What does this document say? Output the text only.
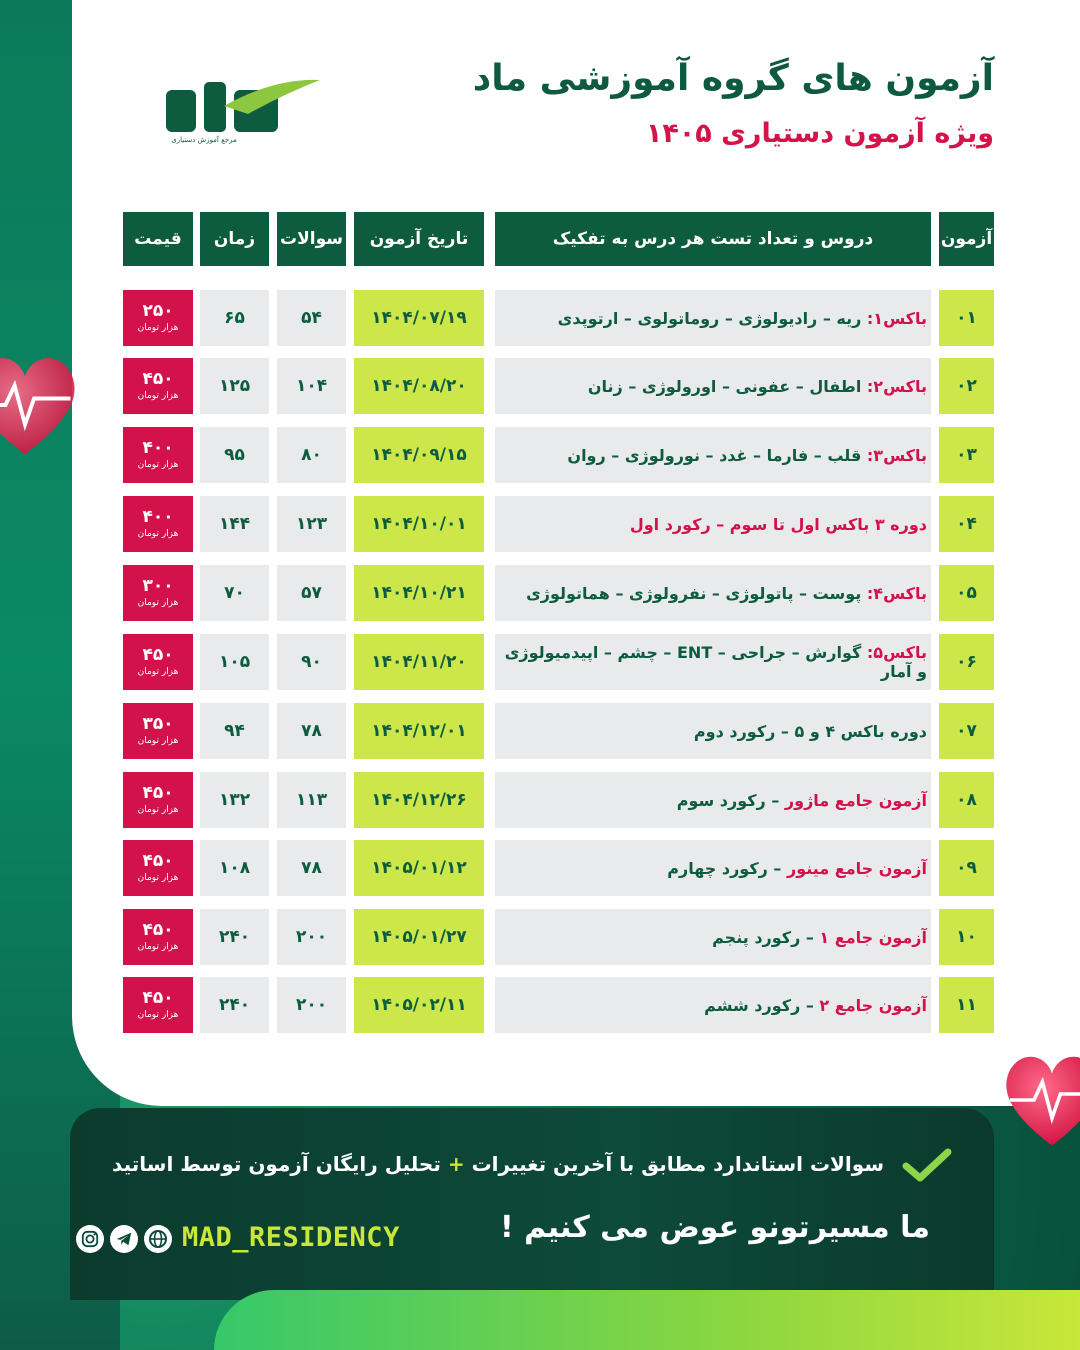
مرجع آموزش دستیاری
آزمون های گروه آموزشی ماد
ویژه آزمون دستیاری ۱۴۰۵
آزمون
دروس و تعداد تست هر درس به تفکیک
تاریخ آزمون
سوالات
زمان
قیمت
۰۱
باکس۱: ریه – رادیولوژی – روماتولوی – ارتوپدی
۱۴۰۴/۰۷/۱۹
۵۴
۶۵
۲۵۰
هزار تومان
۰۲
باکس۲: اطفال – عفونی – اورولوژی – زنان
۱۴۰۴/۰۸/۲۰
۱۰۴
۱۲۵
۴۵۰
هزار تومان
۰۳
باکس۳: قلب – فارما – غدد – نورولوژی – روان
۱۴۰۴/۰۹/۱۵
۸۰
۹۵
۴۰۰
هزار تومان
۰۴
دوره ۳ باکس اول تا سوم – رکورد اول
۱۴۰۴/۱۰/۰۱
۱۲۳
۱۴۴
۴۰۰
هزار تومان
۰۵
باکس۴: پوست – پاتولوژی – نفرولوژی – هماتولوژی
۱۴۰۴/۱۰/۲۱
۵۷
۷۰
۳۰۰
هزار تومان
۰۶
باکس۵: گوارش – جراحی – ENT – چشم – اپیدمیولوژی و آمار
۱۴۰۴/۱۱/۲۰
۹۰
۱۰۵
۴۵۰
هزار تومان
۰۷
دوره باکس ۴ و ۵ – رکورد دوم
۱۴۰۴/۱۲/۰۱
۷۸
۹۴
۳۵۰
هزار تومان
۰۸
آزمون جامع ماژور – رکورد سوم
۱۴۰۴/۱۲/۲۶
۱۱۳
۱۳۲
۴۵۰
هزار تومان
۰۹
آزمون جامع مینور – رکورد چهارم
۱۴۰۵/۰۱/۱۲
۷۸
۱۰۸
۴۵۰
هزار تومان
۱۰
آزمون جامع ۱ – رکورد پنجم
۱۴۰۵/۰۱/۲۷
۲۰۰
۲۴۰
۴۵۰
هزار تومان
۱۱
آزمون جامع ۲ – رکورد ششم
۱۴۰۵/۰۲/۱۱
۲۰۰
۲۴۰
۴۵۰
هزار تومان
سوالات استاندارد مطابق با آخرین تغییرات + تحلیل رایگان آزمون توسط اساتید
ما مسیرتونو عوض می کنیم !
MAD_RESIDENCY
